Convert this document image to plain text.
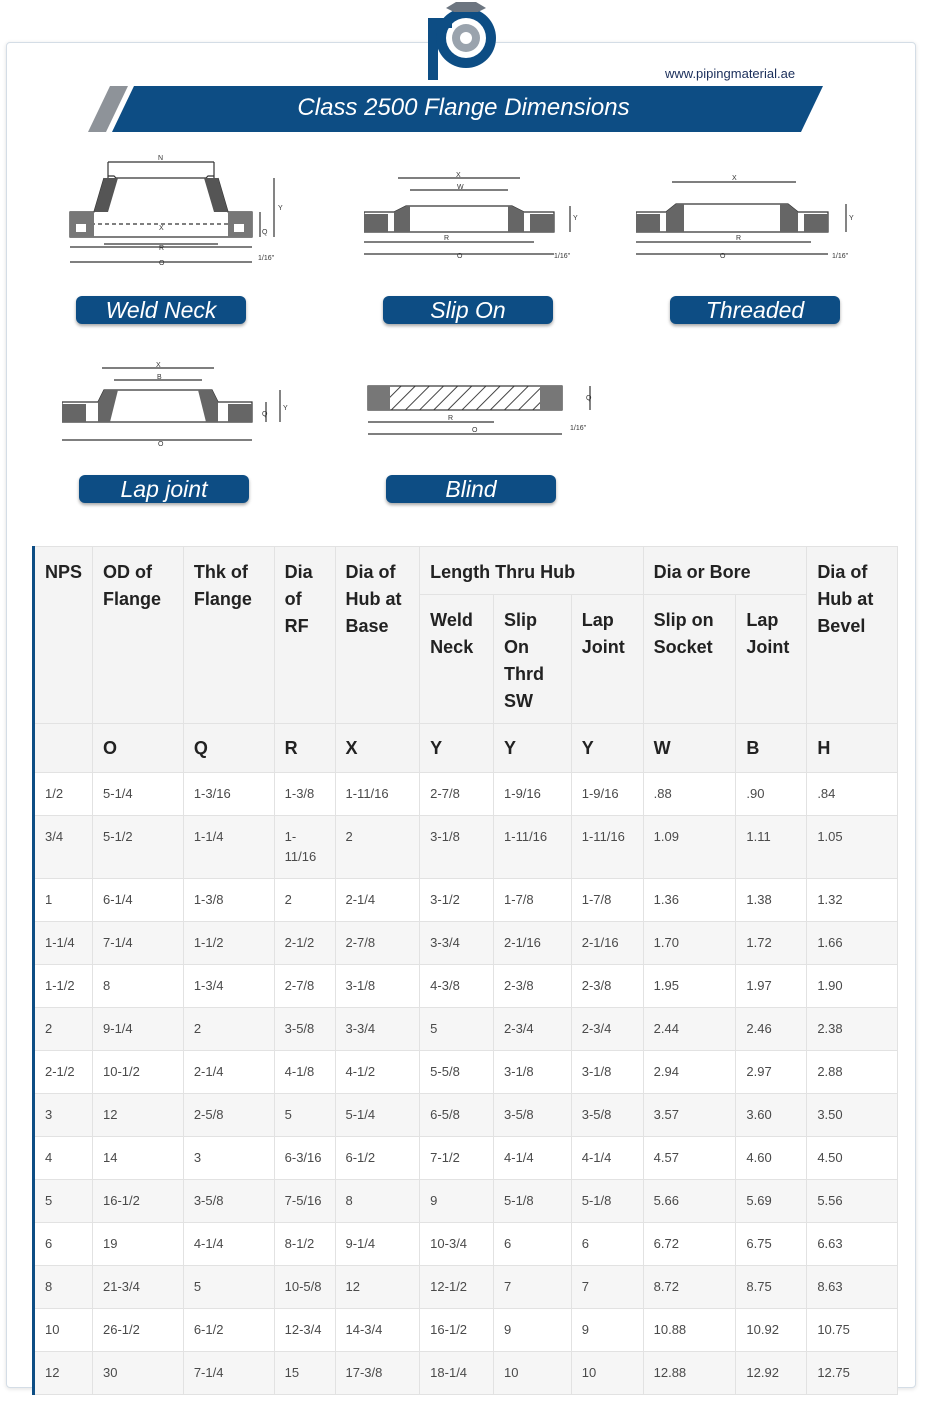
www.pipingmaterial.ae
Class 2500 Flange Dimensions
N
X
R
O
Y
Q
1/16"
X
W
R
O
Y
1/16"
X
R
O
Y
1/16"
X
B
O
Y
Q
R
O
Q
1/16"
Weld Neck	Slip On	Threaded
Lap joint	Blind
NPS	OD of Flange	Thk of Flange	Dia of RF	Dia of Hub at Base	Length Thru Hub			Dia or Bore		Dia of Hub at Bevel
					Weld Neck	Slip On Thrd SW	Lap Joint	Slip on Socket	Lap Joint	
	O	Q	R	X	Y	Y	Y	W	B	H
1/2	5-1/4	1-3/16	1-3/8	1-11/16	2-7/8	1-9/16	1-9/16	.88	.90	.84
3/4	5-1/2	1-1/4	1-11/16	2	3-1/8	1-11/16	1-11/16	1.09	1.11	1.05
1	6-1/4	1-3/8	2	2-1/4	3-1/2	1-7/8	1-7/8	1.36	1.38	1.32
1-1/4	7-1/4	1-1/2	2-1/2	2-7/8	3-3/4	2-1/16	2-1/16	1.70	1.72	1.66
1-1/2	8	1-3/4	2-7/8	3-1/8	4-3/8	2-3/8	2-3/8	1.95	1.97	1.90
2	9-1/4	2	3-5/8	3-3/4	5	2-3/4	2-3/4	2.44	2.46	2.38
2-1/2	10-1/2	2-1/4	4-1/8	4-1/2	5-5/8	3-1/8	3-1/8	2.94	2.97	2.88
3	12	2-5/8	5	5-1/4	6-5/8	3-5/8	3-5/8	3.57	3.60	3.50
4	14	3	6-3/16	6-1/2	7-1/2	4-1/4	4-1/4	4.57	4.60	4.50
5	16-1/2	3-5/8	7-5/16	8	9	5-1/8	5-1/8	5.66	5.69	5.56
6	19	4-1/4	8-1/2	9-1/4	10-3/4	6	6	6.72	6.75	6.63
8	21-3/4	5	10-5/8	12	12-1/2	7	7	8.72	8.75	8.63
10	26-1/2	6-1/2	12-3/4	14-3/4	16-1/2	9	9	10.88	10.92	10.75
12	30	7-1/4	15	17-3/8	18-1/4	10	10	12.88	12.92	12.75
